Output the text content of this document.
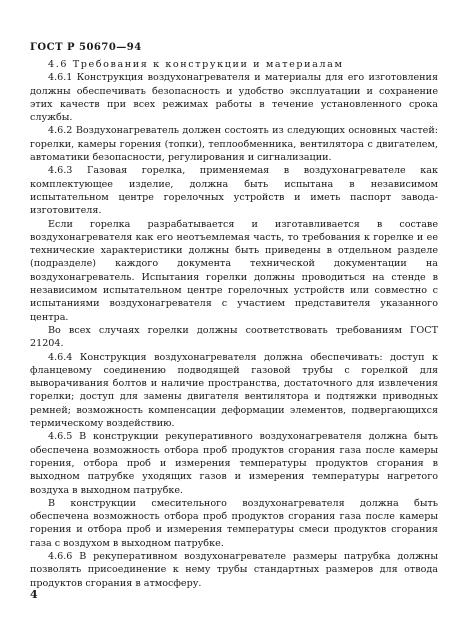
ГОСТ Р 50670—94

4.6 Требования к конструкции и материалам

4.6.1 Конструкция воздухонагревателя и материалы для его изготовления должны обеспечивать безопасность и удобство эксплуатации и сохранение этих качеств при всех режимах работы в течение установленного срока службы.

4.6.2 Воздухонагреватель должен состоять из следующих основных частей: горелки, камеры горения (топки), теплообменника, вентилятора с двигателем, автоматики безопасности, регулирования и сигнализации.

4.6.3 Газовая горелка, применяемая в воздухонагревателе как комплектующее изделие, должна быть испытана в независимом испытательном центре горелочных устройств и иметь паспорт завода-изготовителя.

Если горелка разрабатывается и изготавливается в составе воздухонагревателя как его неотъемлемая часть, то требования к горелке и ее технические характеристики должны быть приведены в отдельном разделе (подразделе) каждого документа технической документации на воздухонагреватель. Испытания горелки должны проводиться на стенде в независимом испытательном центре горелочных устройств или совместно с испытаниями воздухонагревателя с участием представителя указанного центра.

Во всех случаях горелки должны соответствовать требованиям ГОСТ 21204.

4.6.4 Конструкция воздухонагревателя должна обеспечивать: доступ к фланцевому соединению подводящей газовой трубы с горелкой для выворачивания болтов и наличие пространства, достаточного для извлечения горелки; доступ для замены двигателя вентилятора и подтяжки приводных ремней; возможность компенсации деформации элементов, подвергающихся термическому воздействию.

4.6.5 В конструкции рекуперативного воздухонагревателя должна быть обеспечена возможность отбора проб продуктов сгорания газа после камеры горения, отбора проб и измерения температуры продуктов сгорания в выходном патрубке уходящих газов и измерения температуры нагретого воздуха в выходном патрубке.

В конструкции смесительного воздухонагревателя должна быть обеспечена возможность отбора проб продуктов сгорания газа после камеры горения и отбора проб и измерения температуры смеси продуктов сгорания газа с воздухом в выходном патрубке.

4.6.6 В рекуперативном воздухонагревателе размеры патрубка должны позволять присоединение к нему трубы стандартных размеров для отвода продуктов сгорания в атмосферу.

4
